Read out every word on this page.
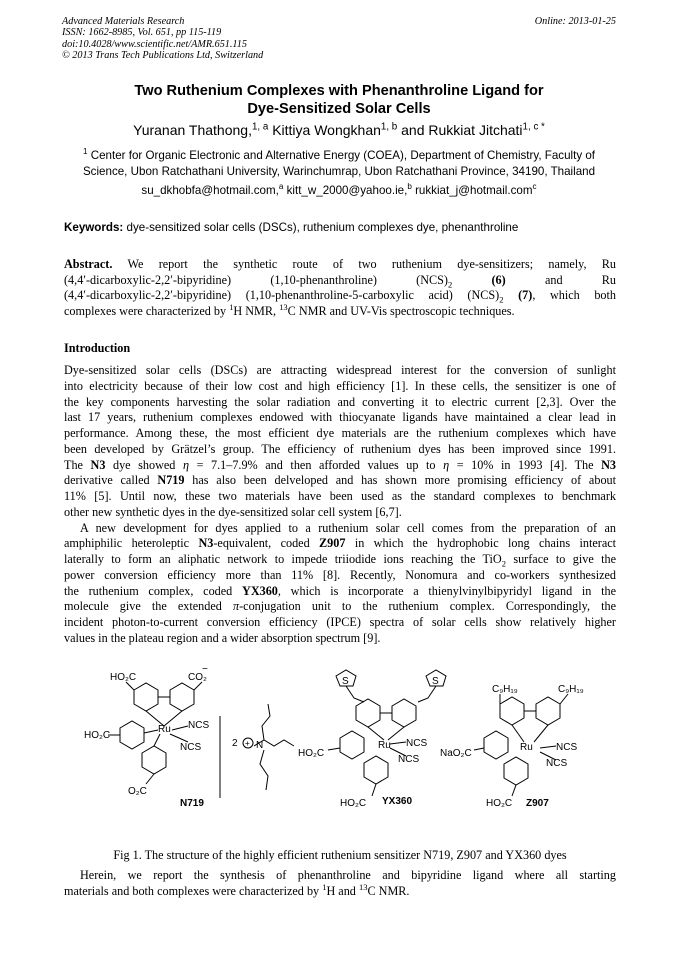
Advanced Materials Research
ISSN: 1662-8985, Vol. 651, pp 115-119
doi:10.4028/www.scientific.net/AMR.651.115
© 2013 Trans Tech Publications Ltd, Switzerland
Online: 2013-01-25
Two Ruthenium Complexes with Phenanthroline Ligand for
Dye-Sensitized Solar Cells
Yuranan Thathong,$^{1, a}$ Kittiya Wongkhan$^{1, b}$ and Rukkiat Jitchati$^{1, c *}$
$^1$ Center for Organic Electronic and Alternative Energy (COEA), Department of Chemistry, Faculty of
Science, Ubon Ratchathani University, Warinchumrap, Ubon Ratchathani Province, 34190, Thailand
su_dkhobfa@hotmail.com,$^a$ kitt_w_2000@yahoo.ie,$^b$ rukkiat_j@hotmail.com$^c$
Keywords: dye-sensitized solar cells (DSCs), ruthenium complexes dye, phenanthroline
Abstract. We report the synthetic route of two ruthenium dye-sensitizers; namely, Ru
(4,4′-dicarboxylic-2,2′-bipyridine) (1,10-phenanthroline) $(NCS)_2$	(6)	and Ru
(4,4′-dicarboxylic-2,2′-bipyridine) (1,10-phenanthroline-5-carboxylic acid) $(NCS)_2$ (7), which both
complexes were characterized by $^1$H NMR, $^{13}$C NMR and UV-Vis spectroscopic techniques.
Introduction
Dye-sensitized solar cells (DSCs) are attracting widespread interest for the conversion of sunlight
into electricity because of their low cost and high efficiency [1]. In these cells, the sensitizer is one of
the key components harvesting the solar radiation and converting it to electric current [2,3]. Over the
last 17 years, ruthenium complexes endowed with thiocyanate ligands have maintained a clear lead in
performance. Among these, the most efficient dye materials are the ruthenium complexes which have
been developed by Grätzel’s group. The efficiency of ruthenium dyes has been improved since 1991.
The N3 dye showed η = 7.1–7.9% and then afforded values up to η = 10% in 1993 [4]. The N3
derivative called N719 has also been delveloped and has shown more promising efficiency of about
11% [5]. Until now, these two materials have been used as the standard complexes to benchmark
other new synthetic dyes in the dye-sensitized solar cell system [6,7].
A new development for dyes applied to a ruthenium solar cell comes from the preparation of an
amphiphilic heteroleptic N3-equivalent, coded Z907 in which the hydrophobic long chains interact
laterally to form an aliphatic network to impede triiodide ions reaching the TiO$_2$ surface to give the
power conversion efficiency more than 11% [8]. Recently, Nonomura and co-workers synthesized
the ruthenium complex, coded YX360, which is incorporate a thienylvinylbipyridyl ligand in the
molecule give the extended π-conjugation unit to the ruthenium complex. Correspondingly, the
incident photon-to-current conversion efficiency (IPCE) spectra of solar cells show relatively higher
values in the plateau region and a wider absorption spectrum [9].
HO₂C	CO₂
−
HO₂C
Ru NCS
NCS
O₂C
N719
2 + N
S	S
HO₂C
Ru NCS
NCS
HO₂C YX360
C₉H₁₉	C₉H₁₉
NaO₂C
Ru NCS
NCS
HO₂C Z907
Fig 1. The structure of the highly efficient ruthenium sensitizer N719, Z907 and YX360 dyes
Herein, we report the synthesis of phenanthroline and bipyridine ligand where all starting
materials and both complexes were characterized by $^1$H and $^{13}$C NMR.
